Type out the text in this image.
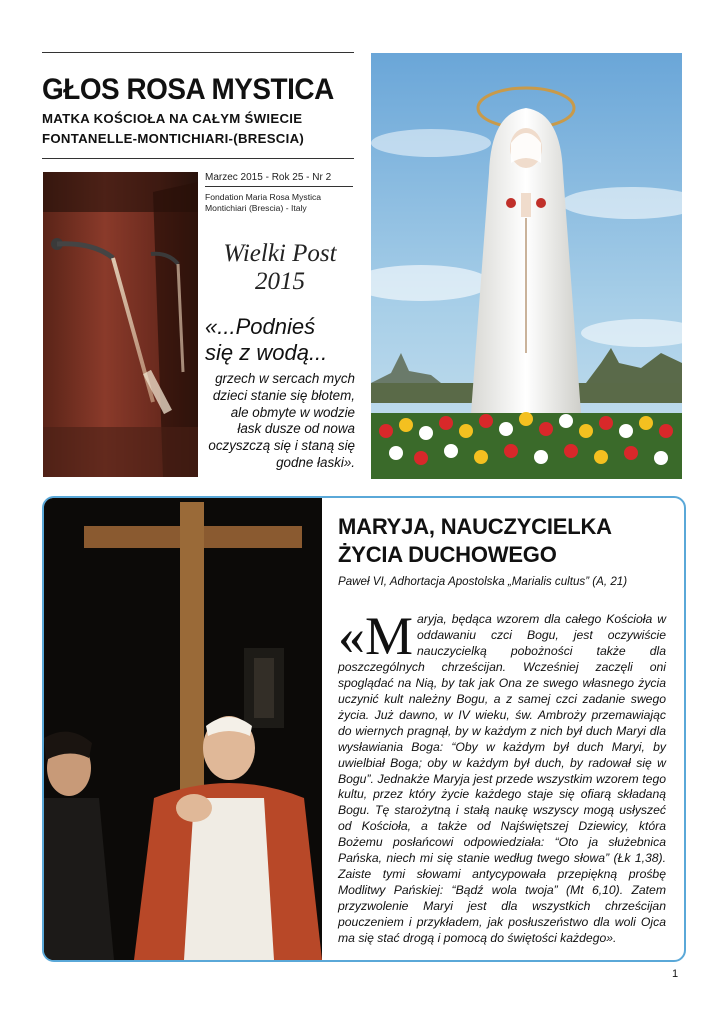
GŁOS ROSA MYSTICA
MATKA KOŚCIOŁA NA CAŁYM ŚWIECIE
FONTANELLE-MONTICHIARI-(BRESCIA)
Marzec 2015 - Rok 25 - Nr 2
Fondation Maria Rosa Mystica
Montichiari (Brescia) - Italy
Wielki Post
2015
«...Podnieś
się z wodą...
grzech w sercach mych dzieci stanie się błotem, ale obmyte w wodzie łask dusze od nowa oczyszczą się i staną się godne łaski».
MARYJA, NAUCZYCIELKA
ŻYCIA DUCHOWEGO
Paweł VI, Adhortacja Apostolska „Marialis cultus” (A, 21)
«Maryja, będąca wzorem dla całego Kościoła w oddawaniu czci Bogu, jest oczywiście nauczycielką pobożności także dla poszczególnych chrześcijan. Wcześniej zaczęli oni spoglądać na Nią, by tak jak Ona ze swego własnego życia uczynić kult należny Bogu, a z samej czci zadanie swego życia. Już dawno, w IV wieku, św. Ambroży przemawiając do wiernych pragnął, by w każdym z nich był duch Maryi dla wysławiania Boga: “Oby w każdym był duch Maryi, by uwielbiał Boga; oby w każdym był duch, by radował się w Bogu”. Jednakże Maryja jest przede wszystkim wzorem tego kultu, przez który życie każdego staje się ofiarą składaną Bogu. Tę starożytną i stałą naukę wszyscy mogą usłyszeć od Kościoła, a także od Najświętszej Dziewicy, która Bożemu posłańcowi odpowiedziała: “Oto ja służebnica Pańska, niech mi się stanie według twego słowa” (Łk 1,38). Zaiste tymi słowami antycypowała przepiękną prośbę Modlitwy Pańskiej: “Bądź wola twoja” (Mt 6,10). Zatem przyzwolenie Maryi jest dla wszystkich chrześcijan pouczeniem i przykładem, jak posłuszeństwo dla woli Ojca ma się stać drogą i pomocą do świętości każdego».
1
